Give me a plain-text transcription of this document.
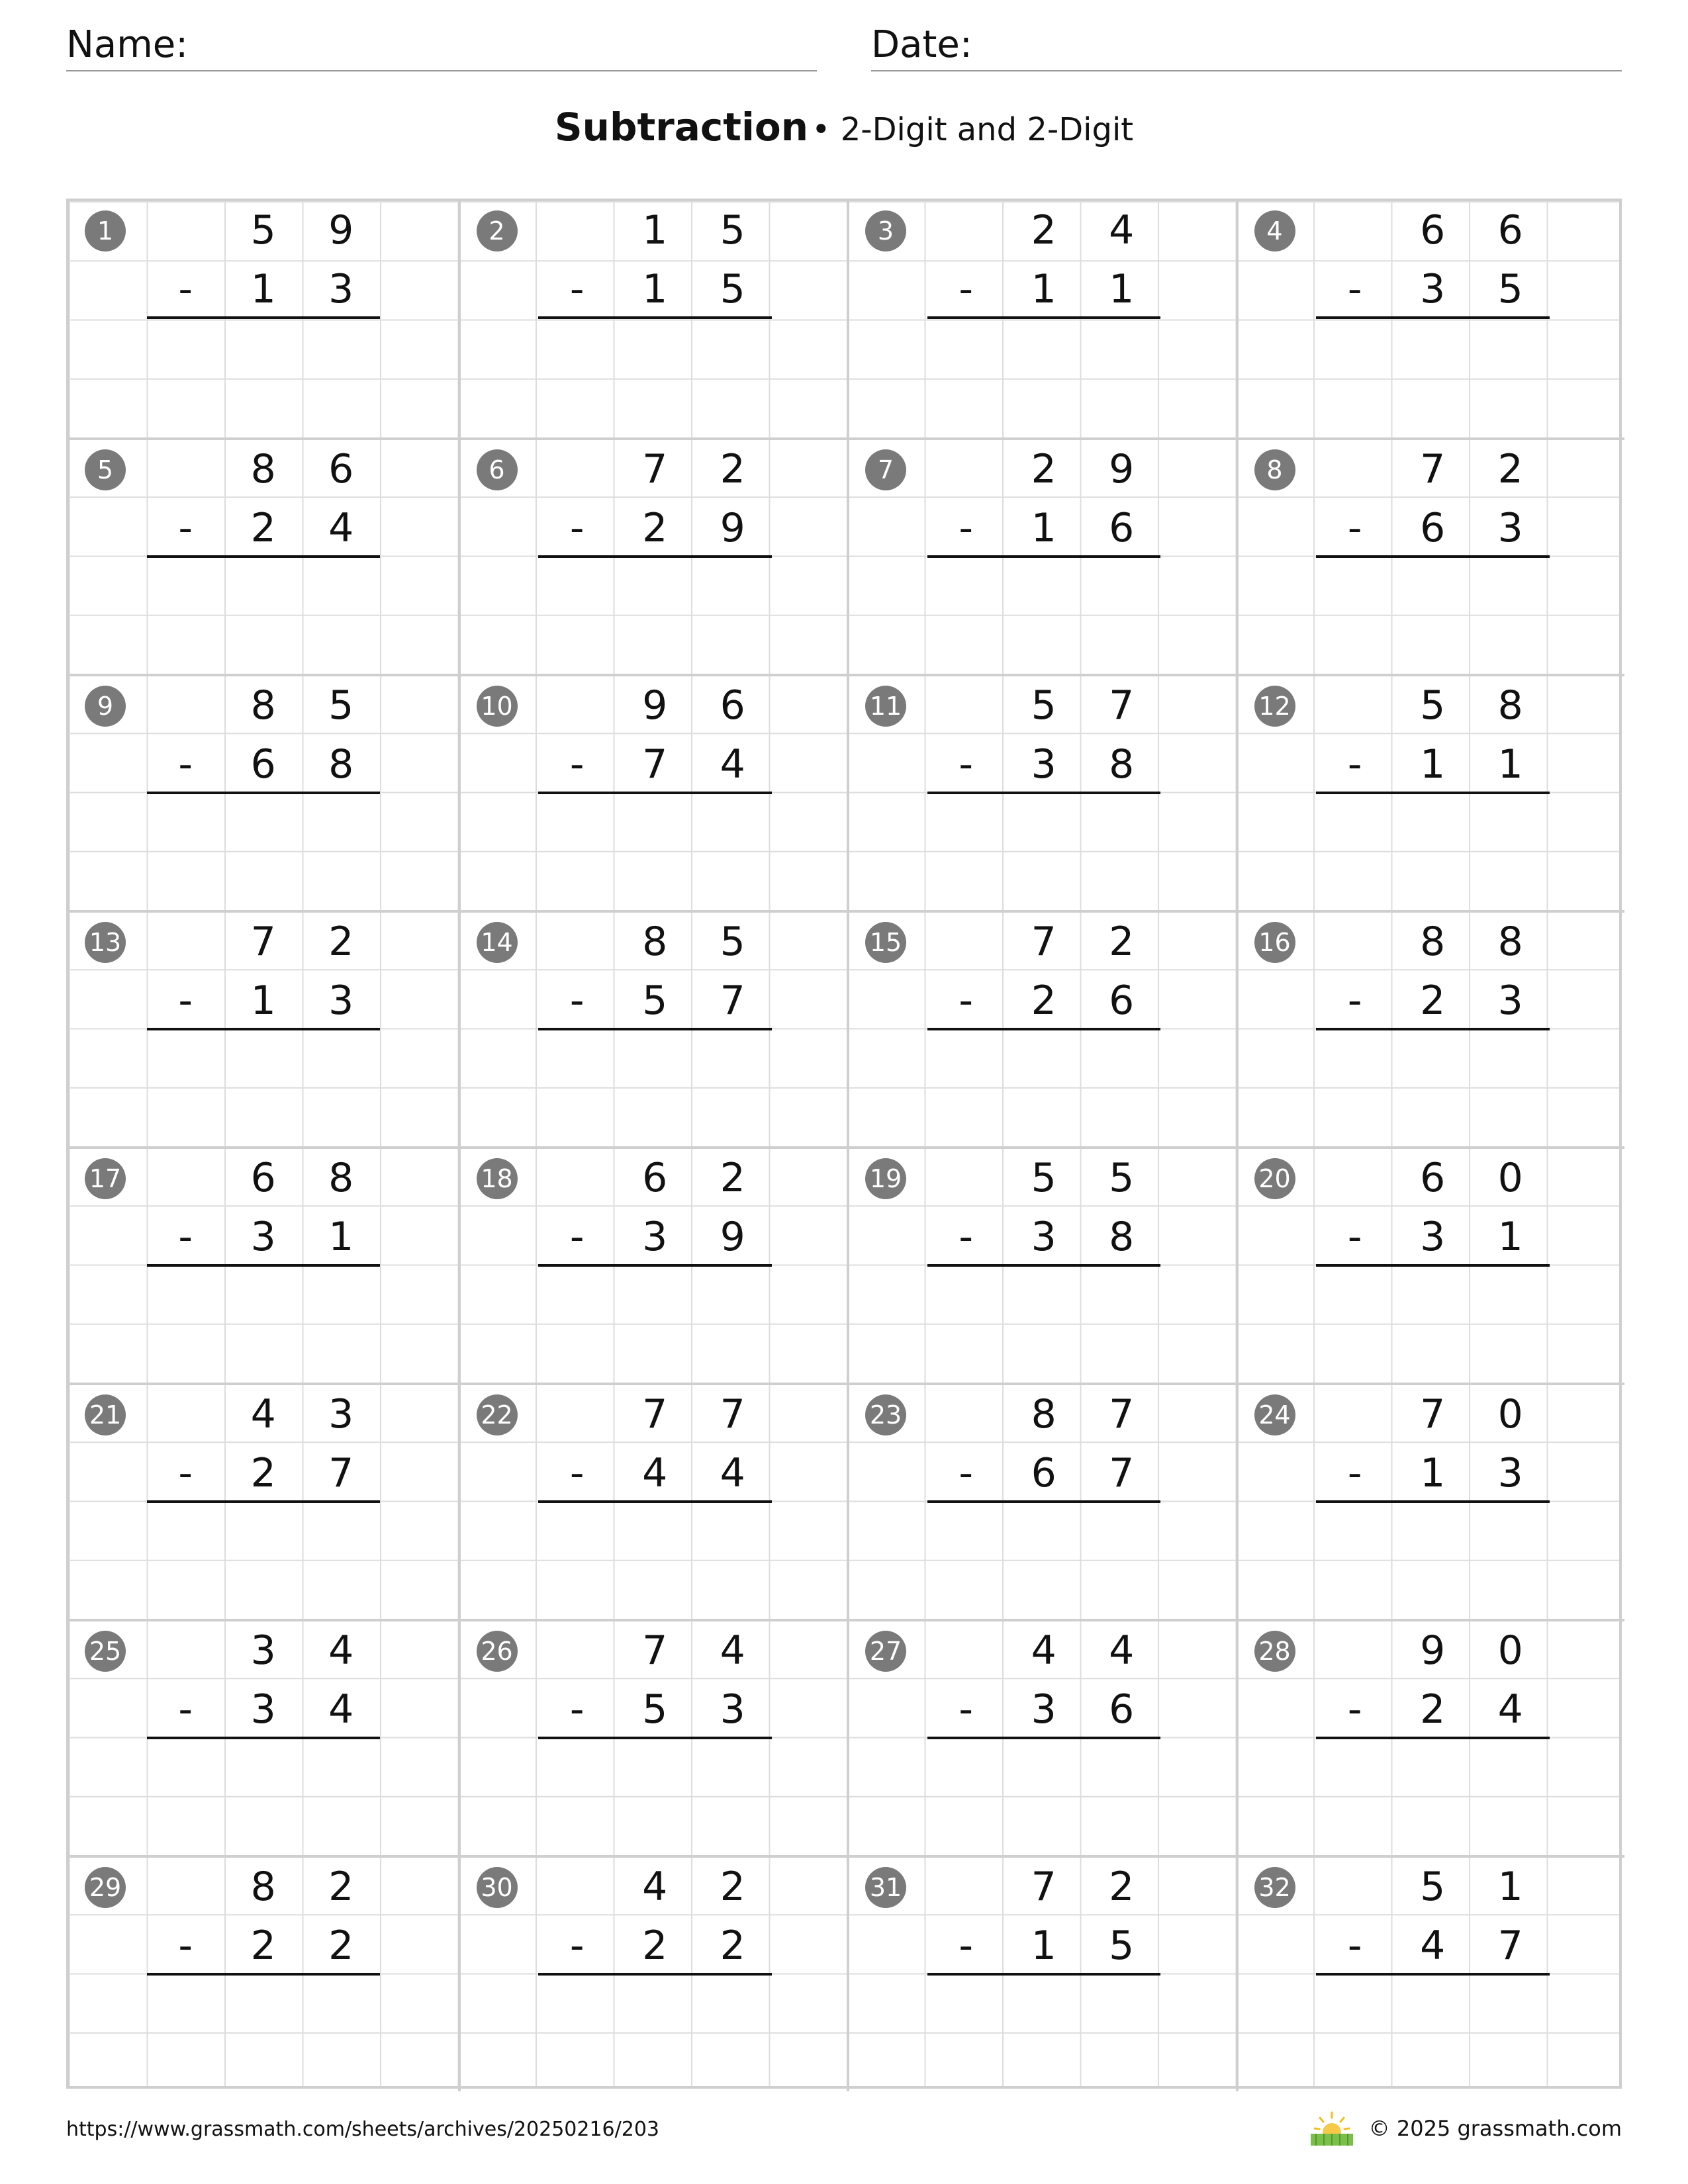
Name:	Date:
Subtraction • 2-Digit and 2-Digit
1	5	9
-	1	3
2	1	5
-	1	5
3	2	4
-	1	1
4	6	6
-	3	5
5	8	6
-	2	4
6	7	2
-	2	9
7	2	9
-	1	6
8	7	2
-	6	3
9	8	5
-	6	8
10	9	6
-	7	4
11	5	7
-	3	8
12	5	8
-	1	1
13	7	2
-	1	3
14	8	5
-	5	7
15	7	2
-	2	6
16	8	8
-	2	3
17	6	8
-	3	1
18	6	2
-	3	9
19	5	5
-	3	8
20	6	0
-	3	1
21	4	3
-	2	7
22	7	7
-	4	4
23	8	7
-	6	7
24	7	0
-	1	3
25	3	4
-	3	4
26	7	4
-	5	3
27	4	4
-	3	6
28	9	0
-	2	4
29	8	2
-	2	2
30	4	2
-	2	2
31	7	2
-	1	5
32	5	1
-	4	7
https://www.grassmath.com/sheets/archives/20250216/203	© 2025 grassmath.com
